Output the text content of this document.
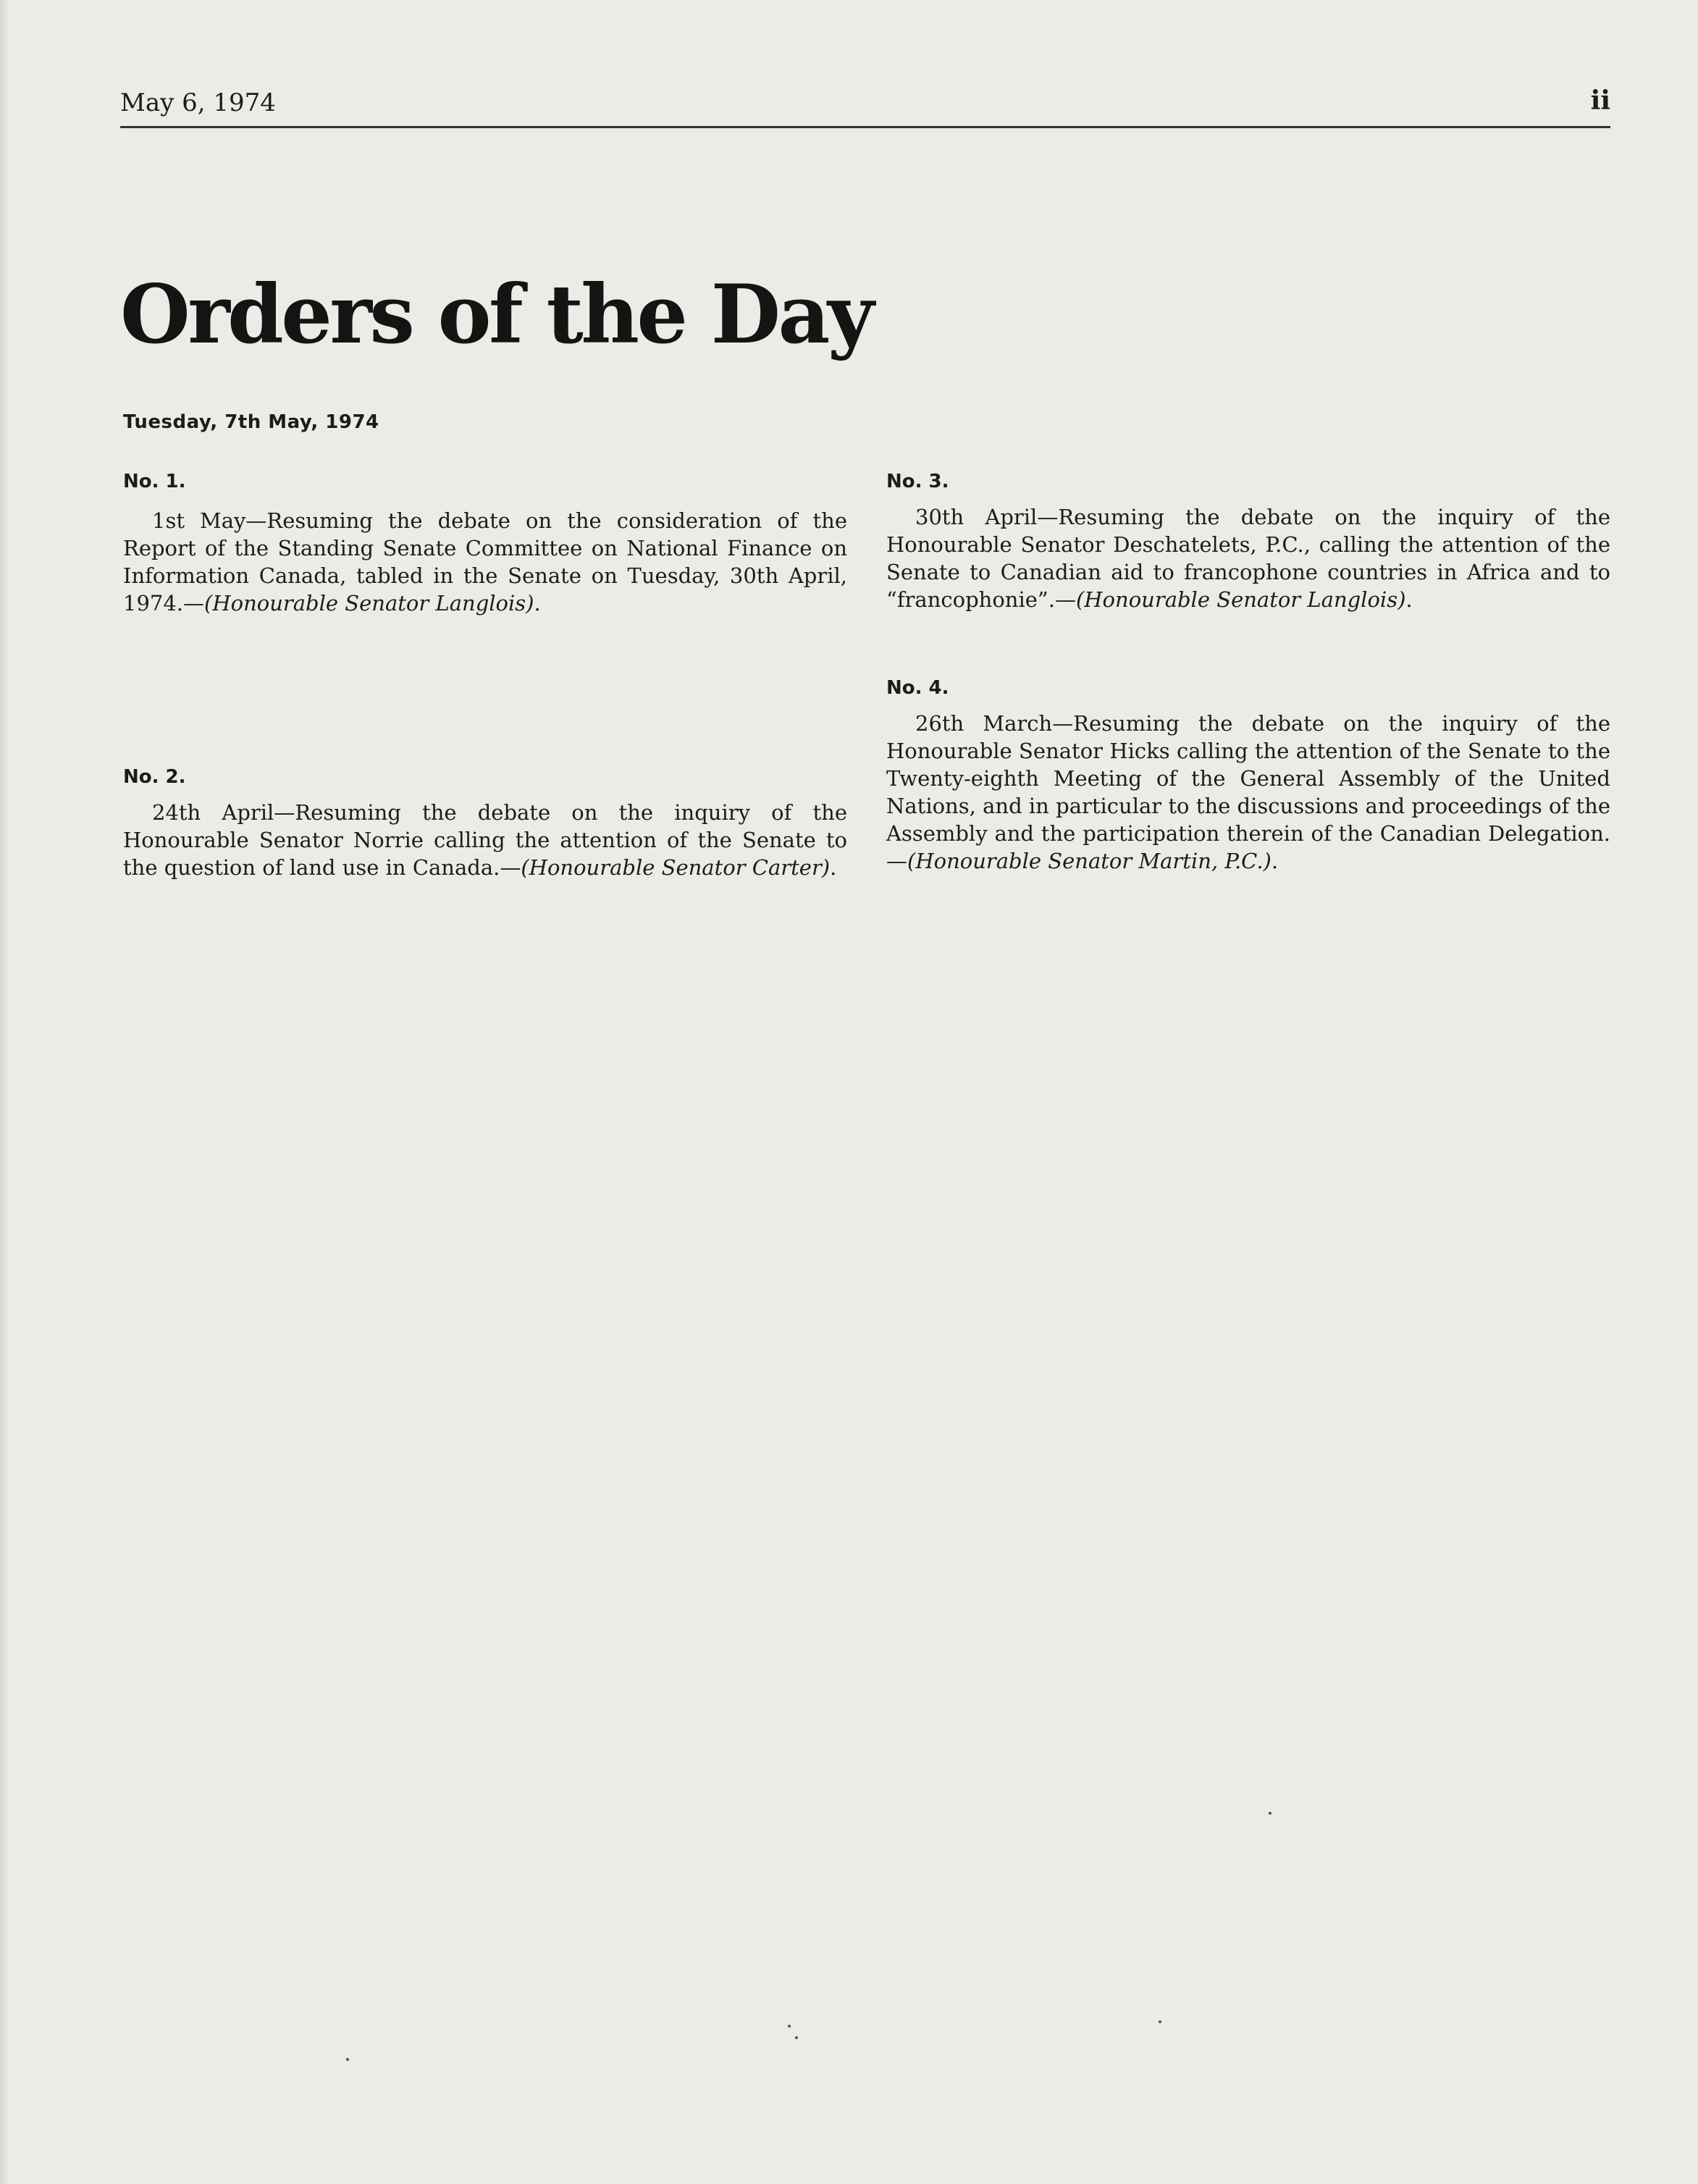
May 6, 1974	ii
Orders of the Day
Tuesday, 7th May, 1974
No. 1.

1st May—Resuming the debate on the consideration of the Report of the Standing Senate Committee on National Finance on Information Canada, tabled in the Senate on Tuesday, 30th April, 1974.—(Honourable Senator Langlois).

No. 2.

24th April—Resuming the debate on the inquiry of the Honourable Senator Norrie calling the attention of the Senate to the question of land use in Canada.—(Honourable Senator Carter).

No. 3.

30th April—Resuming the debate on the inquiry of the Honourable Senator Deschatelets, P.C., calling the attention of the Senate to Canadian aid to francophone countries in Africa and to “francophonie”.—(Honourable Senator Langlois).

No. 4.

26th March—Resuming the debate on the inquiry of the Honourable Senator Hicks calling the attention of the Senate to the Twenty-eighth Meeting of the General Assembly of the United Nations, and in particular to the discussions and proceedings of the Assembly and the participation therein of the Canadian Delegation.—(Honourable Senator Martin, P.C.).
